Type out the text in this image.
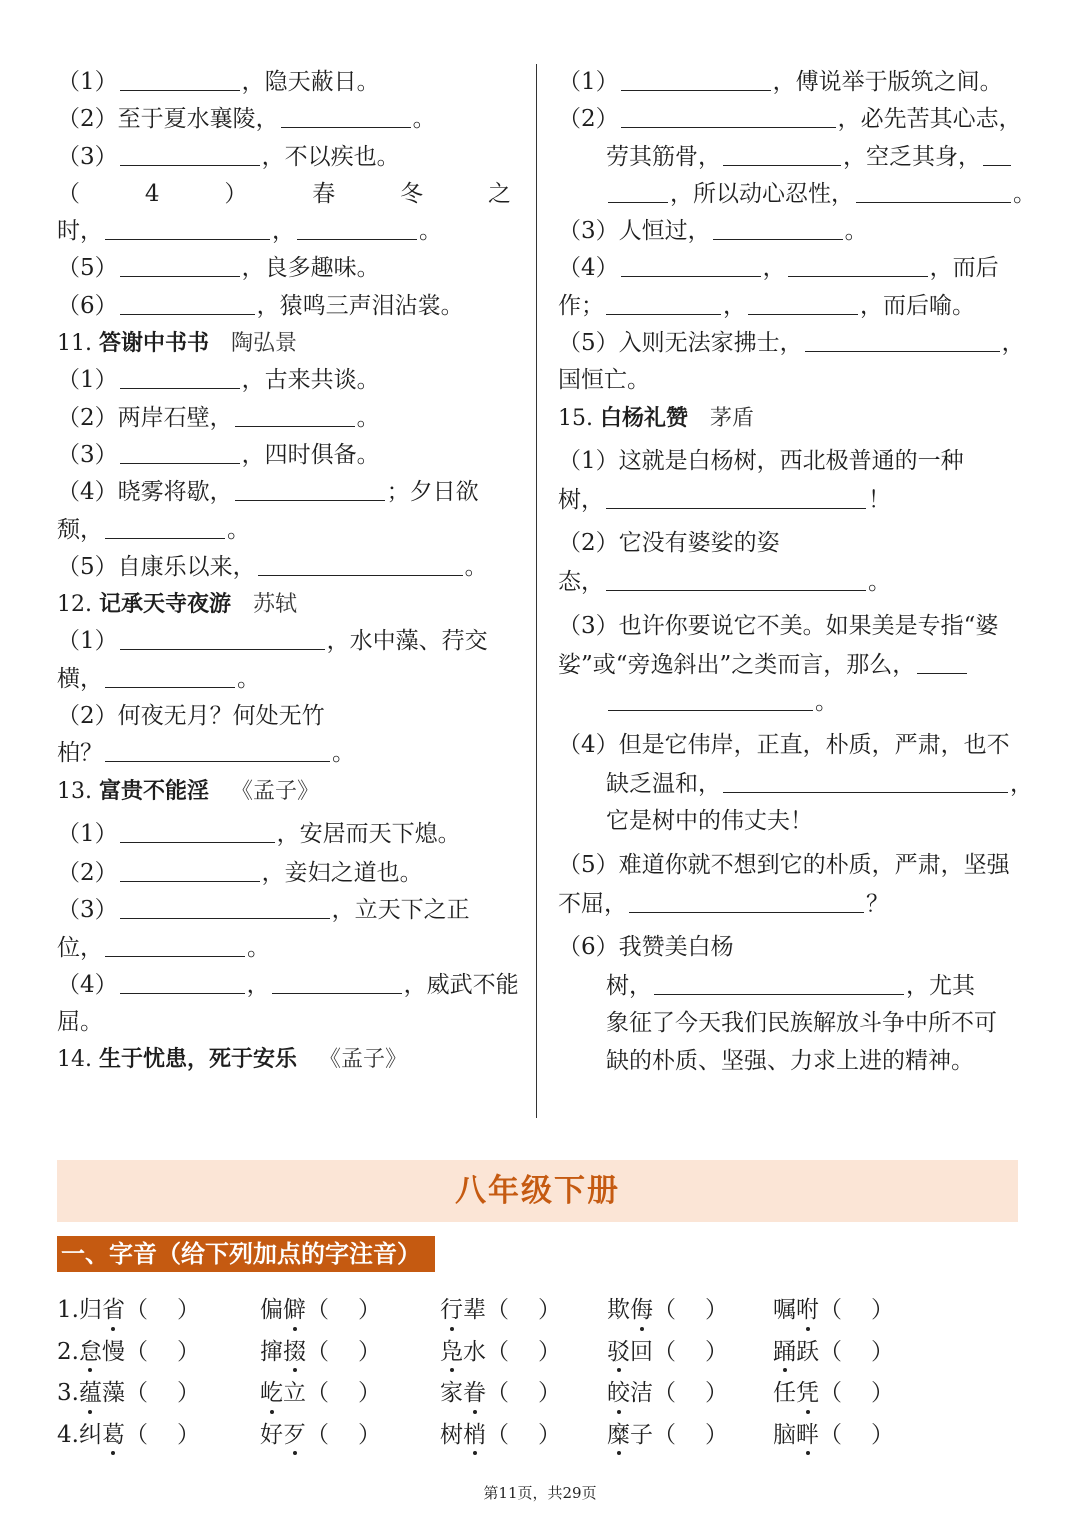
（1）	，隐天蔽日。
（2）至于夏水襄陵，	。
（3）	，不以疾也。
（	4	）	春	冬	之
时，	，	。
（5）	，良多趣味。
（6）	，猿鸣三声泪沾裳。
11. 答谢中书书 陶弘景
（1）	，古来共谈。
（2）两岸石壁，	。
（3）	，四时俱备。
（4）晓雾将歇，	；夕日欲
颓，	。
（5）自康乐以来，	。
12. 记承天寺夜游 苏轼
（1）	，水中藻、荇交
横，	。
（2）何夜无月？何处无竹
柏？	。
13. 富贵不能淫 《孟子》
（1）	，安居而天下熄。
（2）	，妾妇之道也。
（3）	，立天下之正
位，	。
（4）	，	，威武不能
屈。
14. 生于忧患，死于安乐 《孟子》
（1）	，傅说举于版筑之间。
（2）	，必先苦其心志，
劳其筋骨，	，空乏其身，
，所以动心忍性，	。
（3）人恒过，	。
（4）	，	，而后
作；	，	，而后喻。
（5）入则无法家拂士，	，
国恒亡。
15. 白杨礼赞 茅盾
（1）这就是白杨树，西北极普通的一种
树，	！
（2）它没有婆娑的姿
态，	。
（3）也许你要说它不美。如果美是专指“婆
娑”或“旁逸斜出”之类而言，那么，
。
（4）但是它伟岸，正直，朴质，严肃，也不
缺乏温和，	，
它是树中的伟丈夫！
（5）难道你就不想到它的朴质，严肃，坚强
不屈，	？
（6）我赞美白杨
树，	，尤其
象征了今天我们民族解放斗争中所不可
缺的朴质、坚强、力求上进的精神。
八年级下册
一、字音（给下列加点的字注音）
1.归省（ ）	偏僻（ ）	行辈（ ） 欺侮（ ） 嘱咐（ ）
2.怠慢（ ）	撺掇（ ）	凫水（ ） 驳回（ ） 踊跃（ ）
3.蕴藻（ ）	屹立（ ）	家眷（ ） 皎洁（ ） 任凭（ ）
4.纠葛（ ）	好歹（ ）	树梢（ ） 糜子（ ） 脑畔（ ）
第11页，共29页
